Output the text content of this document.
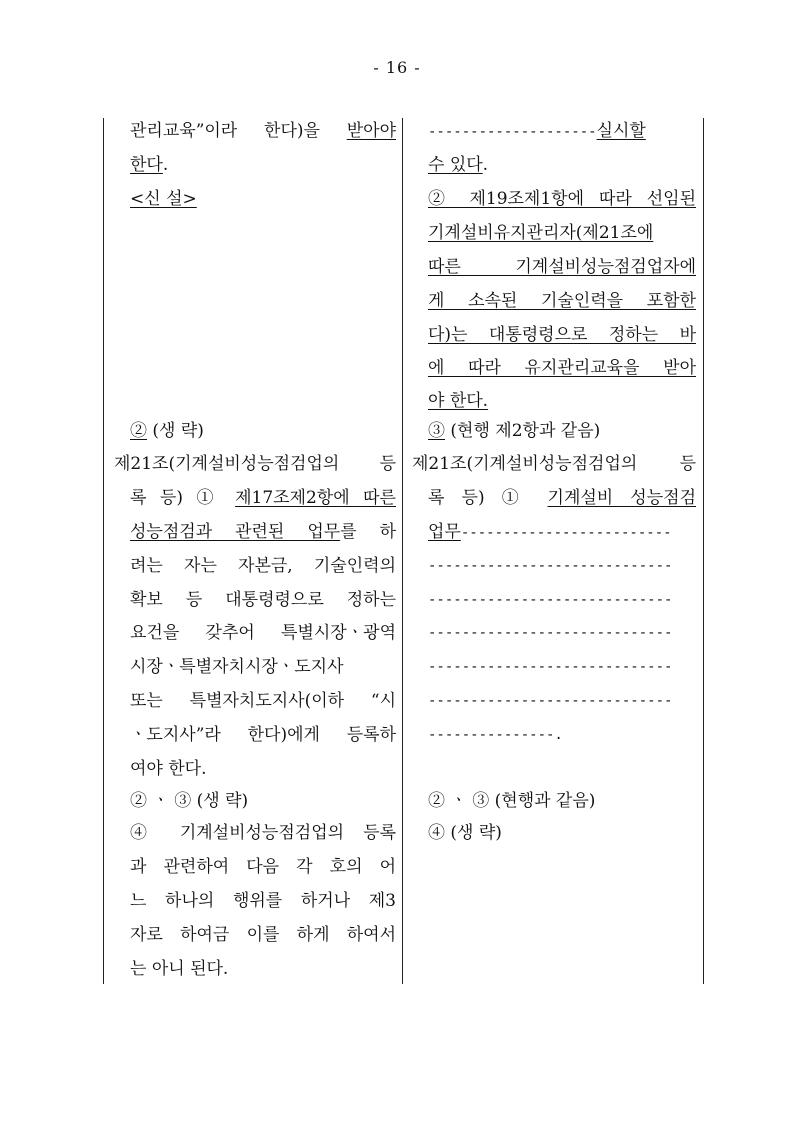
- 16 -
관리교육”이라 한다)을 받아야
한다.
<신 설>
② (생 략)
제21조(기계설비성능점검업의 등
록 등) ① 제17조제2항에 따른
성능점검과 관련된 업무를 하
려는 자는 자본금, 기술인력의
확보 등 대통령령으로 정하는
요건을 갖추어 특별시장ㆍ광역
시장ㆍ특별자치시장ㆍ도지사
또는 특별자치도지사(이하 “시
ㆍ도지사”라 한다)에게 등록하
여야 한다.
② ㆍ ③ (생 략)
④ 기계설비성능점검업의 등록
과 관련하여 다음 각 호의 어
느 하나의 행위를 하거나 제3
자로 하여금 이를 하게 하여서
는 아니 된다.
--------------------실시할
수 있다.
② 제19조제1항에 따라 선임된
기계설비유지관리자(제21조에
따른 기계설비성능점검업자에
게 소속된 기술인력을 포함한
다)는 대통령령으로 정하는 바
에 따라 유지관리교육을 받아
야 한다.
③ (현행 제2항과 같음)
제21조(기계설비성능점검업의 등
록 등) ① 기계설비 성능점검
업무-------------------------
-----------------------------
-----------------------------
-----------------------------
-----------------------------
-----------------------------
---------------.
② ㆍ ③ (현행과 같음)
④ (생 략)
